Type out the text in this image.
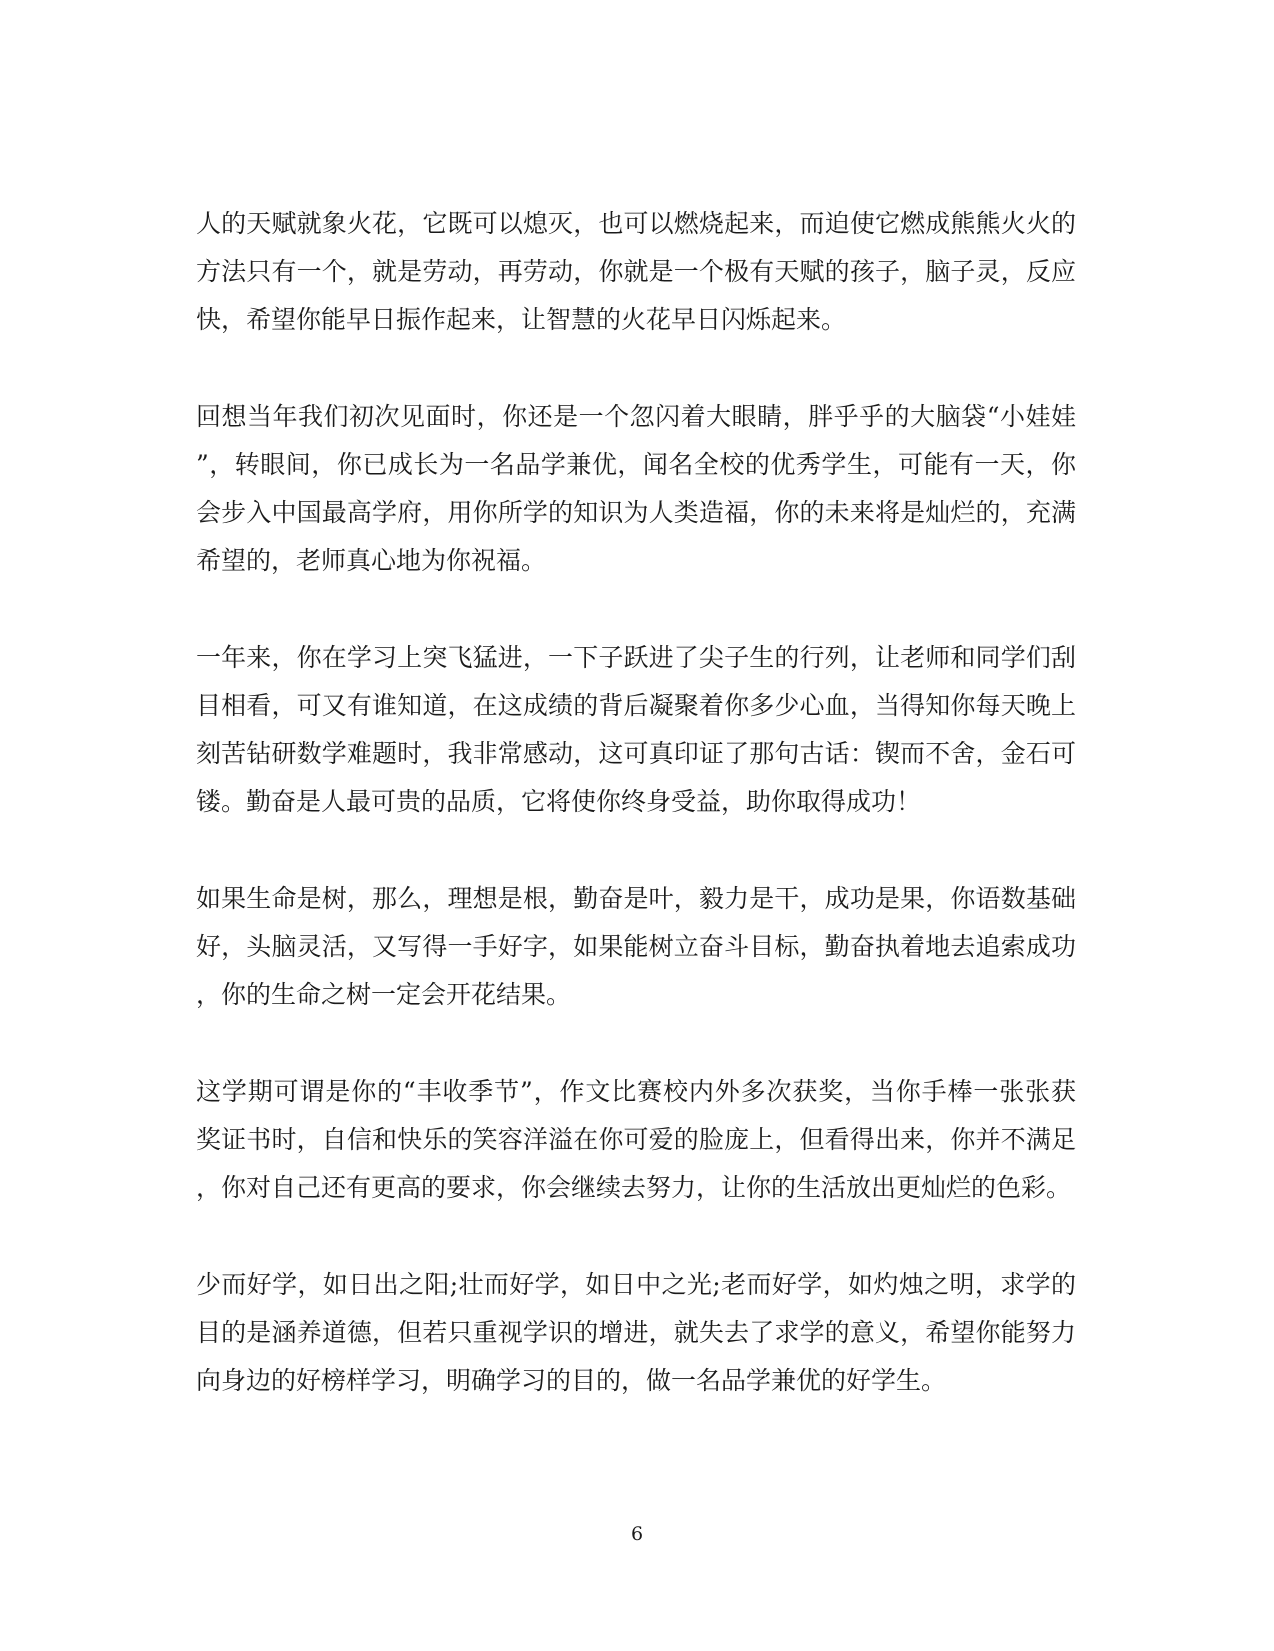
人的天赋就象火花，它既可以熄灭，也可以燃烧起来，而迫使它燃成熊熊火火的
方法只有一个，就是劳动，再劳动，你就是一个极有天赋的孩子，脑子灵，反应
快，希望你能早日振作起来，让智慧的火花早日闪烁起来。

回想当年我们初次见面时，你还是一个忽闪着大眼睛，胖乎乎的大脑袋“小娃娃
”，转眼间，你已成长为一名品学兼优，闻名全校的优秀学生，可能有一天，你
会步入中国最高学府，用你所学的知识为人类造福，你的未来将是灿烂的，充满
希望的，老师真心地为你祝福。

一年来，你在学习上突飞猛进，一下子跃进了尖子生的行列，让老师和同学们刮
目相看，可又有谁知道，在这成绩的背后凝聚着你多少心血，当得知你每天晚上
刻苦钻研数学难题时，我非常感动，这可真印证了那句古话：锲而不舍，金石可
镂。勤奋是人最可贵的品质，它将使你终身受益，助你取得成功！

如果生命是树，那么，理想是根，勤奋是叶，毅力是干，成功是果，你语数基础
好，头脑灵活，又写得一手好字，如果能树立奋斗目标，勤奋执着地去追索成功
，你的生命之树一定会开花结果。

这学期可谓是你的“丰收季节”，作文比赛校内外多次获奖，当你手棒一张张获
奖证书时，自信和快乐的笑容洋溢在你可爱的脸庞上，但看得出来，你并不满足
，你对自己还有更高的要求，你会继续去努力，让你的生活放出更灿烂的色彩。

少而好学，如日出之阳;壮而好学，如日中之光;老而好学，如灼烛之明，求学的
目的是涵养道德，但若只重视学识的增进，就失去了求学的意义，希望你能努力
向身边的好榜样学习，明确学习的目的，做一名品学兼优的好学生。

6
